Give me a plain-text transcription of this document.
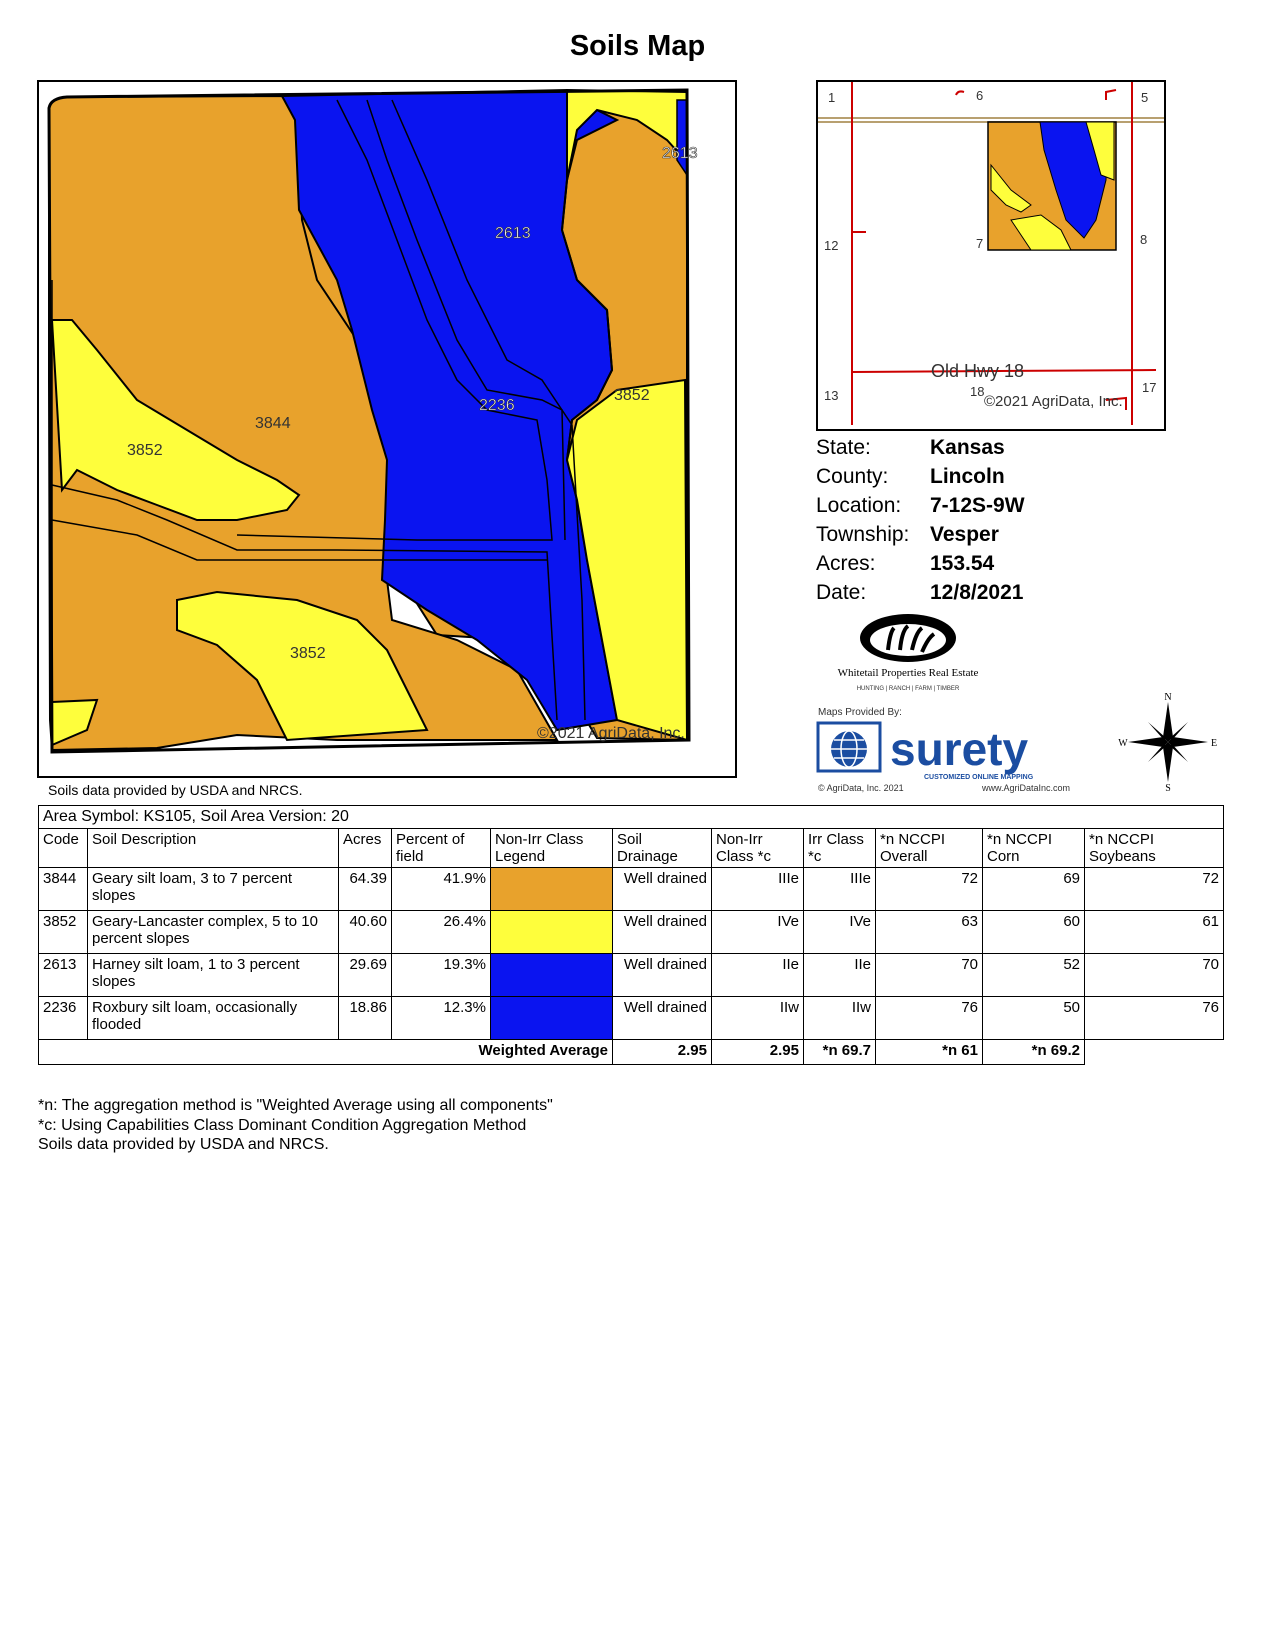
Soils Map
2613
2613
2236
3852
3844
3852
3852
©2021 AgriData, Inc.
Soils data provided by USDA and NRCS.
1	6	5
12	7	8
13	18	17
Old Hwy 18
©2021 AgriData, Inc.
State:	Kansas
County: Lincoln
Location: 7-12S-9W
Township: Vesper
Acres:	153.54
Date:	12/8/2021
Whitetail Properties Real Estate
HUNTING | RANCH | FARM | TIMBER
Maps Provided By:
surety
CUSTOMIZED ONLINE MAPPING
© AgriData, Inc. 2021	www.AgriDataInc.com
N
S
E
W
Area Symbol: KS105, Soil Area Version: 20										
Code	Soil Description	Acres	Percent of field	Non-Irr Class Legend	Soil Drainage	Non-Irr Class *c	Irr Class *c	*n NCCPI Overall	*n NCCPI Corn	*n NCCPI Soybeans
3844	Geary silt loam, 3 to 7 percent slopes	64.39	41.9%		Well drained	IIIe	IIIe	72	69	72
3852	Geary-Lancaster complex, 5 to 10 percent slopes	40.60	26.4%		Well drained	IVe	IVe	63	60	61
2613	Harney silt loam, 1 to 3 percent slopes	29.69	19.3%		Well drained	IIe	IIe	70	52	70
2236	Roxbury silt loam, occasionally flooded	18.86	12.3%		Well drained	IIw	IIw	76	50	76
Weighted Average					2.95	2.95	*n 69.7	*n 61	*n 69.2	
*n: The aggregation method is "Weighted Average using all components"
*c: Using Capabilities Class Dominant Condition Aggregation Method
Soils data provided by USDA and NRCS.
